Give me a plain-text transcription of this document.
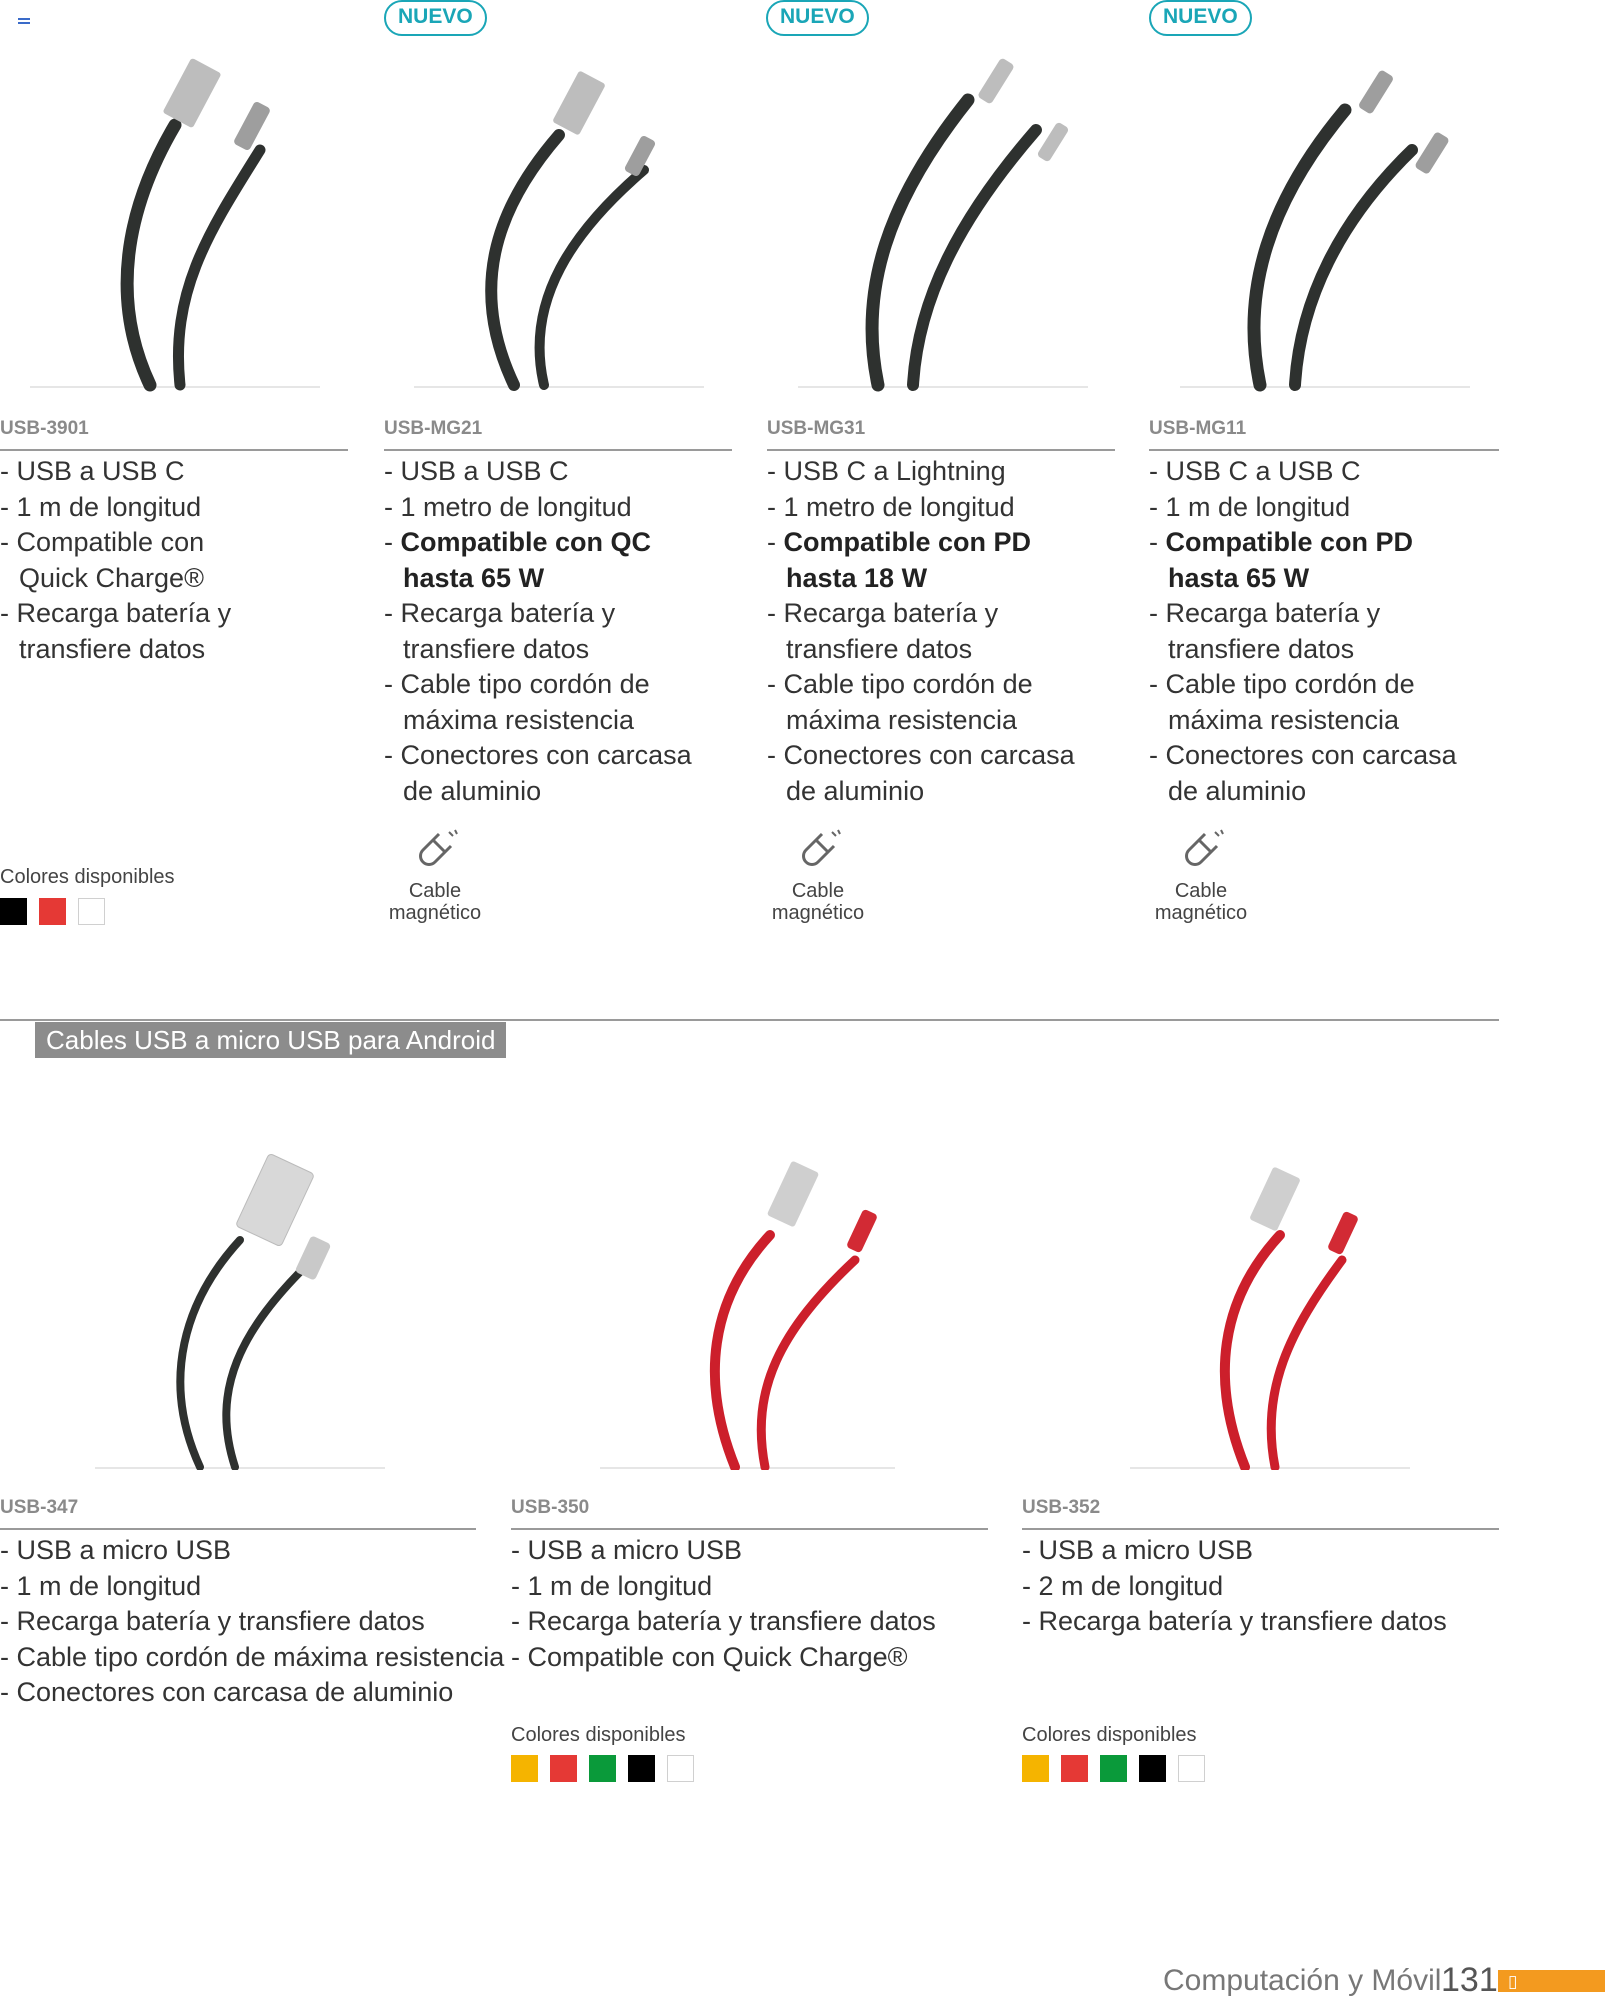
NUEVO	NUEVO	NUEVO
USB-3901
- USB a USB C
- 1 m de longitud
- Compatible con
Quick Charge®
- Recarga batería y
transfiere datos
Colores disponibles
USB-MG21
- USB a USB C
- 1 metro de longitud
- Compatible con QC
hasta 65 W
- Recarga batería y
transfiere datos
- Cable tipo cordón de
máxima resistencia
- Conectores con carcasa
de aluminio
Cable
magnético
USB-MG31
- USB C a Lightning
- 1 metro de longitud
- Compatible con PD
hasta 18 W
- Recarga batería y
transfiere datos
- Cable tipo cordón de
máxima resistencia
- Conectores con carcasa
de aluminio
Cable
magnético
USB-MG11
- USB C a USB C
- 1 m de longitud
- Compatible con PD
hasta 65 W
- Recarga batería y
transfiere datos
- Cable tipo cordón de
máxima resistencia
- Conectores con carcasa
de aluminio
Cable
magnético
Cables USB a micro USB para Android
USB-347
- USB a micro USB
- 1 m de longitud
- Recarga batería y transfiere datos
- Cable tipo cordón de máxima resistencia
- Conectores con carcasa de aluminio
USB-350
- USB a micro USB
- 1 m de longitud
- Recarga batería y transfiere datos
- Compatible con Quick Charge®
Colores disponibles
USB-352
- USB a micro USB
- 2 m de longitud
- Recarga batería y transfiere datos
Colores disponibles
Computación y Móvil 131 ▯
